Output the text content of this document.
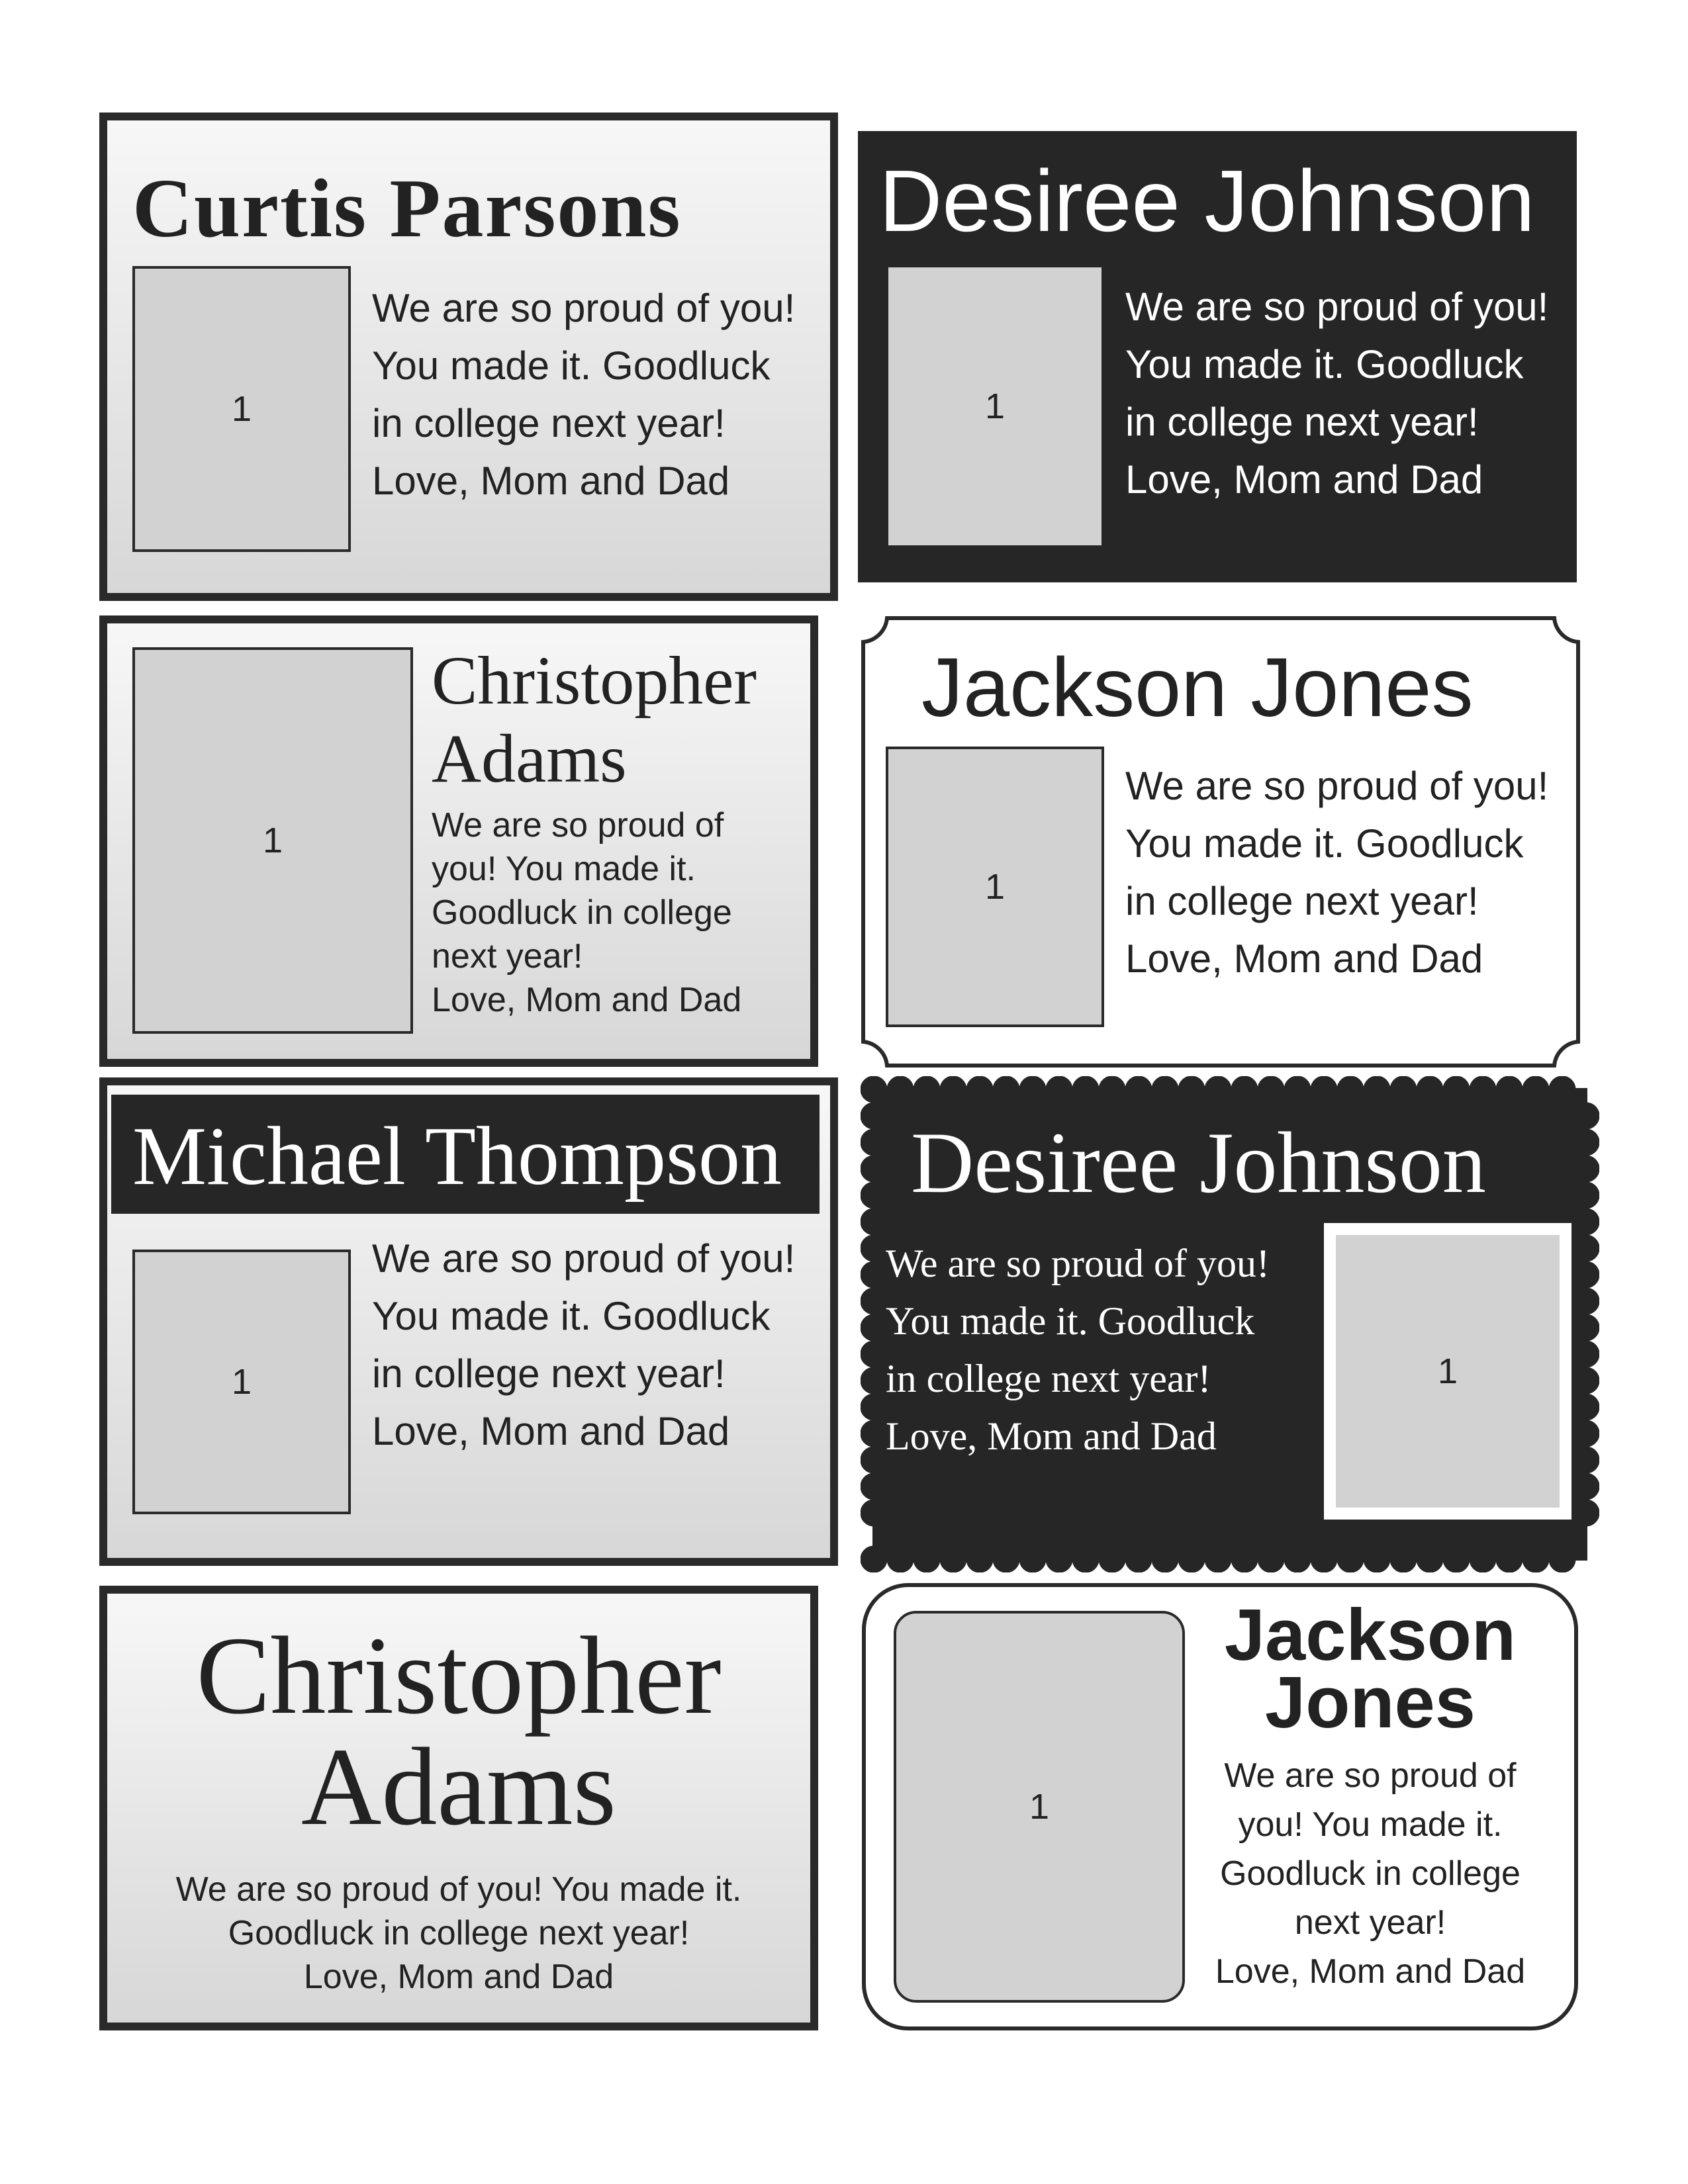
Curtis Parsons
1
We are so proud of you!
You made it. Goodluck
in college next year!
Love, Mom and Dad
Desiree Johnson
1
We are so proud of you!
You made it. Goodluck
in college next year!
Love, Mom and Dad
1
Christopher
Adams
We are so proud of
you! You made it.
Goodluck in college
next year!
Love, Mom and Dad
Jackson Jones
1
We are so proud of you!
You made it. Goodluck
in college next year!
Love, Mom and Dad
Michael Thompson
1
We are so proud of you!
You made it. Goodluck
in college next year!
Love, Mom and Dad
Desiree Johnson
We are so proud of you!
You made it. Goodluck
in college next year!
Love, Mom and Dad
1
Christopher
Adams
We are so proud of you! You made it.
Goodluck in college next year!
Love, Mom and Dad
1
Jackson
Jones
We are so proud of
you! You made it.
Goodluck in college
next year!
Love, Mom and Dad
